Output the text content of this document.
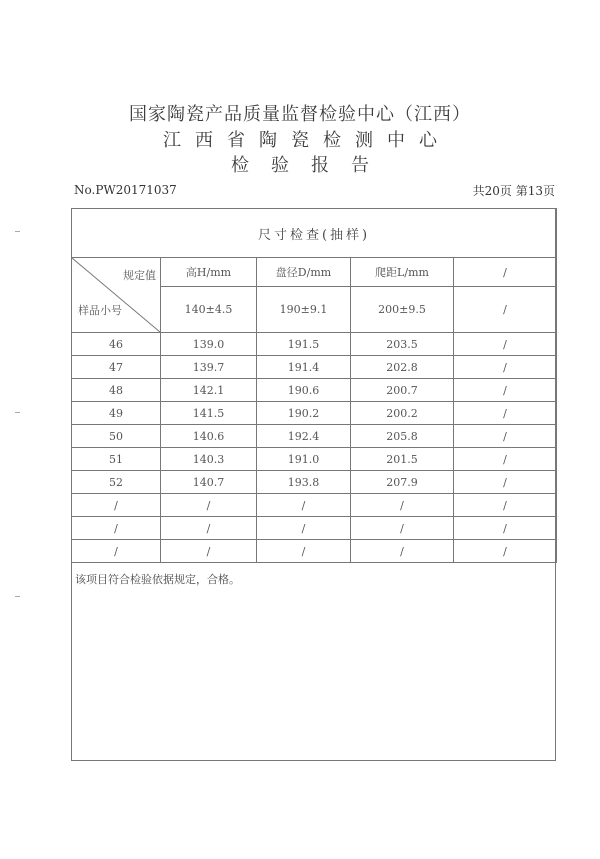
国家陶瓷产品质量监督检验中心（江西）
江西省陶瓷检测中心
检验报告
No.PW20171037	共20页 第13页
尺寸检查(抽样)				

规定值
样品小号	高H/mm	盘径D/mm	爬距L/mm	/
	140±4.5	190±9.1	200±9.5	/
46	139.0	191.5	203.5	/
47	139.7	191.4	202.8	/
48	142.1	190.6	200.7	/
49	141.5	190.2	200.2	/
50	140.6	192.4	205.8	/
51	140.3	191.0	201.5	/
52	140.7	193.8	207.9	/
/	/	/	/	/
/	/	/	/	/
/	/	/	/	/
该项目符合检验依据规定，合格。
